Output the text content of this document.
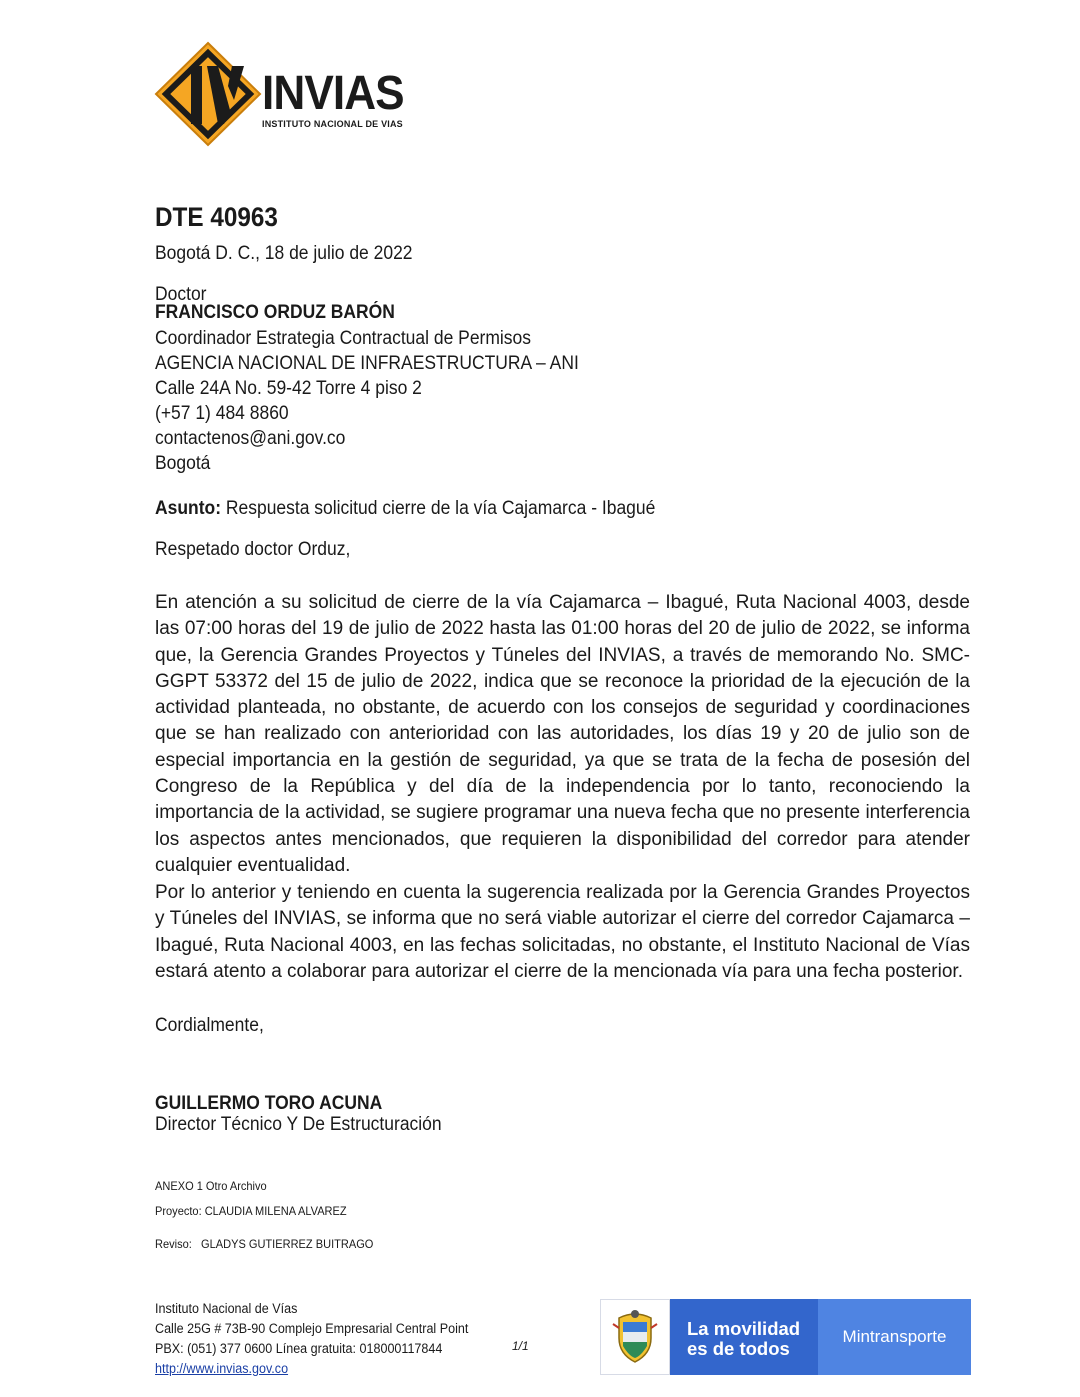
INVIAS
INSTITUTO NACIONAL DE VIAS
DTE 40963
Bogotá D. C., 18 de julio de 2022
Doctor
FRANCISCO ORDUZ BARÓN
Coordinador Estrategia Contractual de Permisos
AGENCIA NACIONAL DE INFRAESTRUCTURA – ANI
Calle 24A No. 59-42 Torre 4 piso 2
(+57 1) 484 8860
contactenos@ani.gov.co
Bogotá
Asunto: Respuesta solicitud cierre de la vía Cajamarca - Ibagué
Respetado doctor Orduz,
En atención a su solicitud de cierre de la vía Cajamarca – Ibagué, Ruta Nacional 4003, desde las 07:00 horas del 19 de julio de 2022 hasta las 01:00 horas del 20 de julio de 2022, se informa que, la Gerencia Grandes Proyectos y Túneles del INVIAS, a través de memorando No. SMC-GGPT 53372 del 15 de julio de 2022, indica que se reconoce la prioridad de la ejecución de la actividad planteada, no obstante, de acuerdo con los consejos de seguridad y coordinaciones que se han realizado con anterioridad con las autoridades, los días 19 y 20 de julio son de especial importancia en la gestión de seguridad, ya que se trata de la fecha de posesión del Congreso de la República y del día de la independencia por lo tanto, reconociendo la importancia de la actividad, se sugiere programar una nueva fecha que no presente interferencia los aspectos antes mencionados, que requieren la disponibilidad del corredor para atender cualquier eventualidad.
Por lo anterior y teniendo en cuenta la sugerencia realizada por la Gerencia Grandes Proyectos y Túneles del INVIAS, se informa que no será viable autorizar el cierre del corredor Cajamarca – Ibagué, Ruta Nacional 4003, en las fechas solicitadas, no obstante, el Instituto Nacional de Vías estará atento a colaborar para autorizar el cierre de la mencionada vía para una fecha posterior.
Cordialmente,
GUILLERMO TORO ACUNA
Director Técnico Y De Estructuración
ANEXO 1 Otro Archivo
Proyecto: CLAUDIA MILENA ALVAREZ
Reviso:   GLADYS GUTIERREZ BUITRAGO
Instituto Nacional de Vías
Calle 25G # 73B-90 Complejo Empresarial Central Point
PBX: (051) 377 0600 Línea gratuita: 018000117844
http://www.invias.gov.co
1/1
La movilidad
es de todos
Mintransporte
